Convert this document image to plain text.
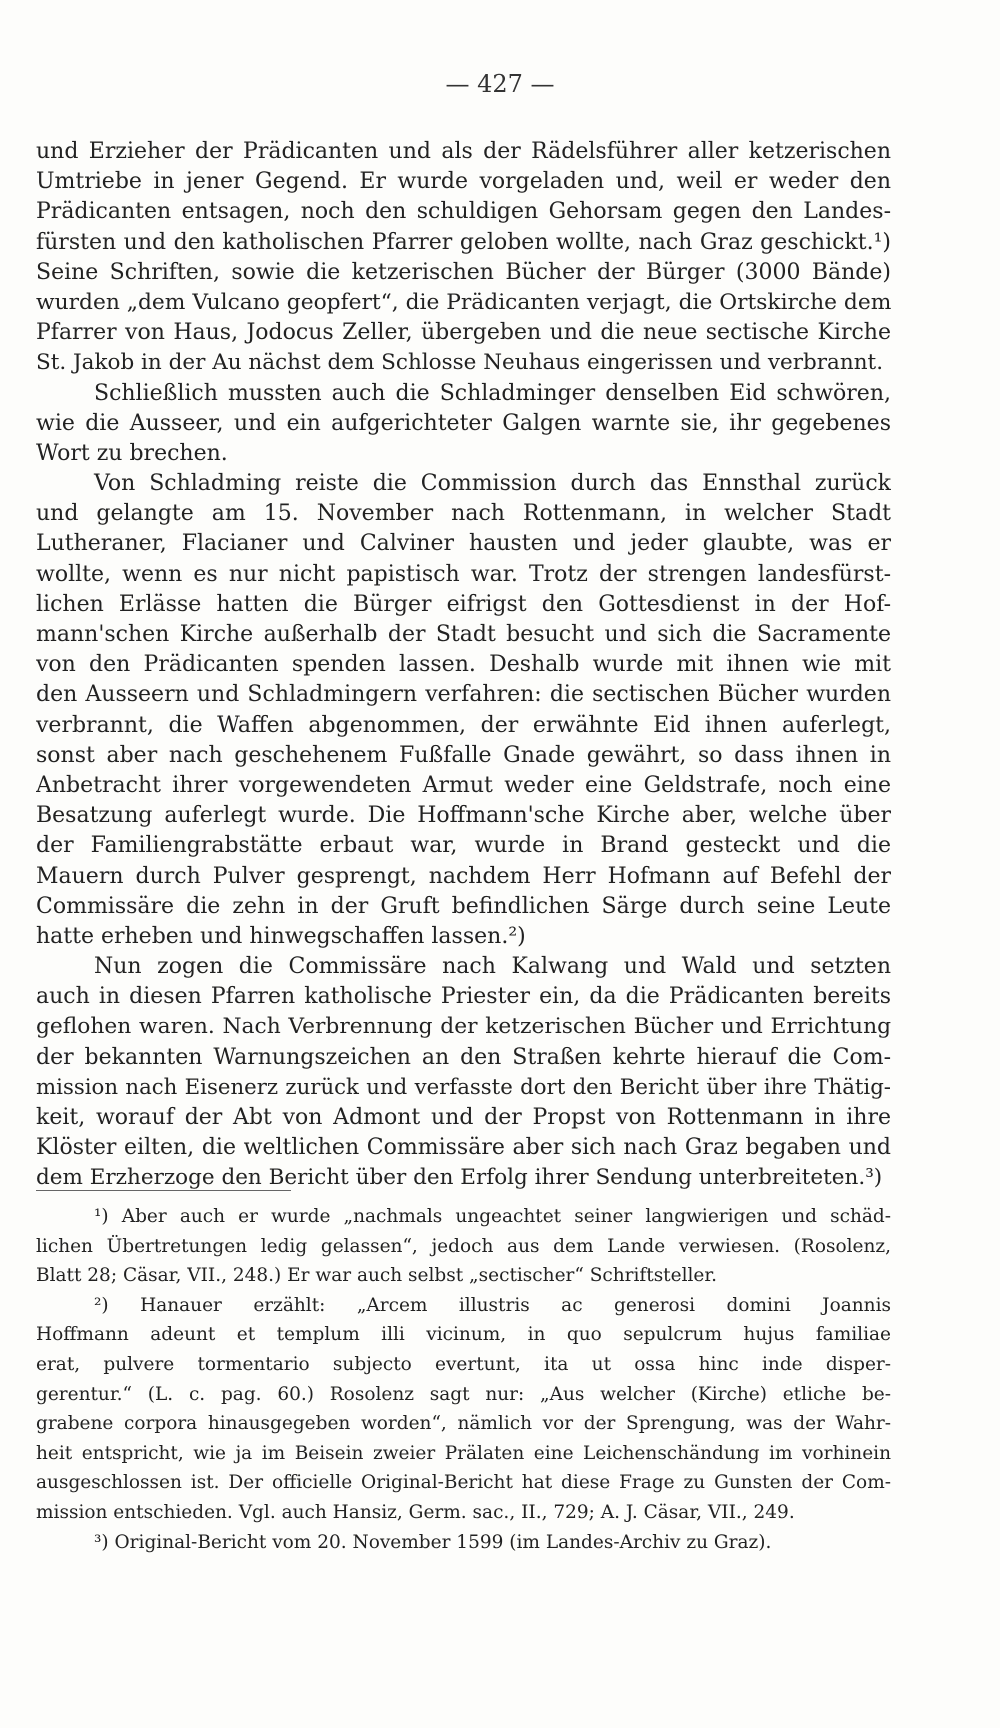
— 427 —
und Erzieher der Prädicanten und als der Rädelsführer aller ketzerischen
Umtriebe in jener Gegend. Er wurde vorgeladen und, weil er weder den
Prädicanten entsagen, noch den schuldigen Gehorsam gegen den Landes-
fürsten und den katholischen Pfarrer geloben wollte, nach Graz geschickt.¹)
Seine Schriften, sowie die ketzerischen Bücher der Bürger (3000 Bände)
wurden „dem Vulcano geopfert“, die Prädicanten verjagt, die Ortskirche dem
Pfarrer von Haus, Jodocus Zeller, übergeben und die neue sectische Kirche
St. Jakob in der Au nächst dem Schlosse Neuhaus eingerissen und verbrannt.
Schließlich mussten auch die Schladminger denselben Eid schwören,
wie die Ausseer, und ein aufgerichteter Galgen warnte sie, ihr gegebenes
Wort zu brechen.
Von Schladming reiste die Commission durch das Ennsthal zurück
und gelangte am 15. November nach Rottenmann, in welcher Stadt
Lutheraner, Flacianer und Calviner hausten und jeder glaubte, was er
wollte, wenn es nur nicht papistisch war. Trotz der strengen landesfürst-
lichen Erlässe hatten die Bürger eifrigst den Gottesdienst in der Hof-
mann'schen Kirche außerhalb der Stadt besucht und sich die Sacramente
von den Prädicanten spenden lassen. Deshalb wurde mit ihnen wie mit
den Ausseern und Schladmingern verfahren: die sectischen Bücher wurden
verbrannt, die Waffen abgenommen, der erwähnte Eid ihnen auferlegt,
sonst aber nach geschehenem Fußfalle Gnade gewährt, so dass ihnen in
Anbetracht ihrer vorgewendeten Armut weder eine Geldstrafe, noch eine
Besatzung auferlegt wurde. Die Hoffmann'sche Kirche aber, welche über
der Familiengrabstätte erbaut war, wurde in Brand gesteckt und die
Mauern durch Pulver gesprengt, nachdem Herr Hofmann auf Befehl der
Commissäre die zehn in der Gruft befindlichen Särge durch seine Leute
hatte erheben und hinwegschaffen lassen.²)
Nun zogen die Commissäre nach Kalwang und Wald und setzten
auch in diesen Pfarren katholische Priester ein, da die Prädicanten bereits
geflohen waren. Nach Verbrennung der ketzerischen Bücher und Errichtung
der bekannten Warnungszeichen an den Straßen kehrte hierauf die Com-
mission nach Eisenerz zurück und verfasste dort den Bericht über ihre Thätig-
keit, worauf der Abt von Admont und der Propst von Rottenmann in ihre
Klöster eilten, die weltlichen Commissäre aber sich nach Graz begaben und
dem Erzherzoge den Bericht über den Erfolg ihrer Sendung unterbreiteten.³)
¹) Aber auch er wurde „nachmals ungeachtet seiner langwierigen und schäd-
lichen Übertretungen ledig gelassen“, jedoch aus dem Lande verwiesen. (Rosolenz,
Blatt 28; Cäsar, VII., 248.) Er war auch selbst „sectischer“ Schriftsteller.
²) Hanauer erzählt: „Arcem illustris ac generosi domini Joannis
Hoffmann adeunt et templum illi vicinum, in quo sepulcrum hujus familiae
erat, pulvere tormentario subjecto evertunt, ita ut ossa hinc inde disper-
gerentur.“ (L. c. pag. 60.) Rosolenz sagt nur: „Aus welcher (Kirche) etliche be-
grabene corpora hinausgegeben worden“, nämlich vor der Sprengung, was der Wahr-
heit entspricht, wie ja im Beisein zweier Prälaten eine Leichenschändung im vorhinein
ausgeschlossen ist. Der officielle Original-Bericht hat diese Frage zu Gunsten der Com-
mission entschieden. Vgl. auch Hansiz, Germ. sac., II., 729; A. J. Cäsar, VII., 249.
³) Original-Bericht vom 20. November 1599 (im Landes-Archiv zu Graz).
